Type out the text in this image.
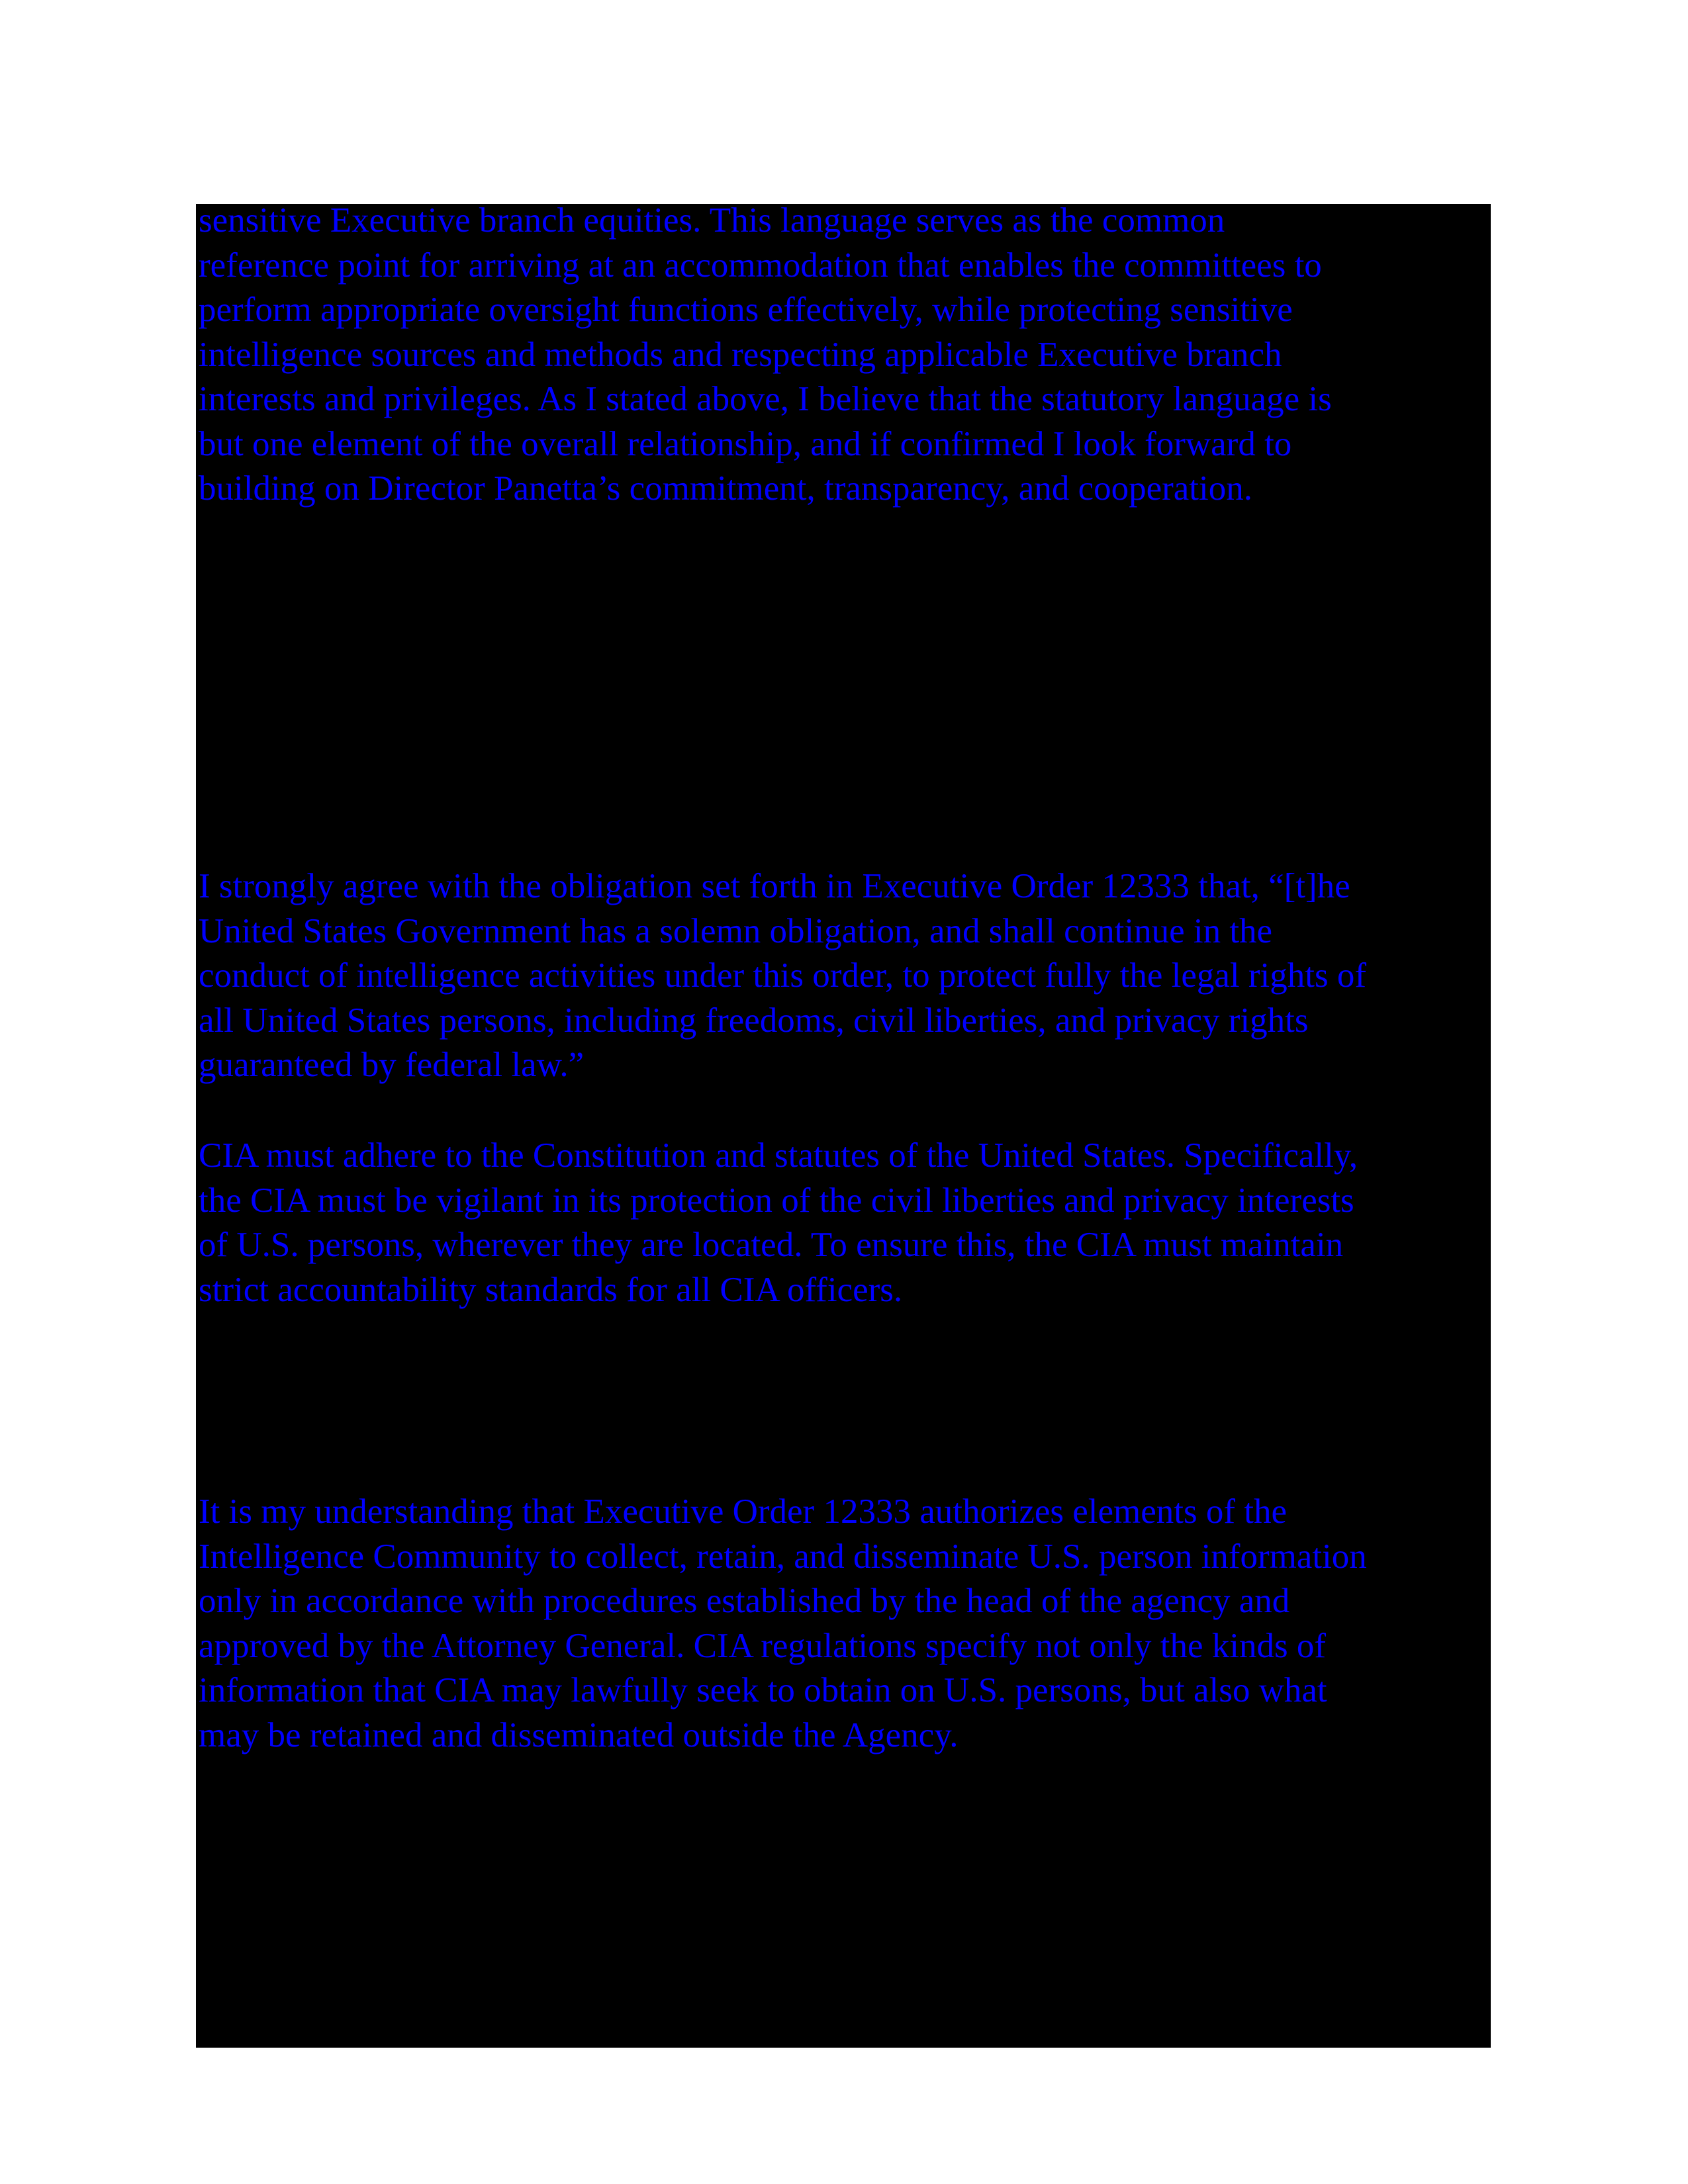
sensitive Executive branch equities. This language serves as the common
reference point for arriving at an accommodation that enables the committees to
perform appropriate oversight functions effectively, while protecting sensitive
intelligence sources and methods and respecting applicable Executive branch
interests and privileges. As I stated above, I believe that the statutory language is
but one element of the overall relationship, and if confirmed I look forward to
building on Director Panetta’s commitment, transparency, and cooperation.

I strongly agree with the obligation set forth in Executive Order 12333 that, “[t]he
United States Government has a solemn obligation, and shall continue in the
conduct of intelligence activities under this order, to protect fully the legal rights of
all United States persons, including freedoms, civil liberties, and privacy rights
guaranteed by federal law.”

CIA must adhere to the Constitution and statutes of the United States. Specifically,
the CIA must be vigilant in its protection of the civil liberties and privacy interests
of U.S. persons, wherever they are located. To ensure this, the CIA must maintain
strict accountability standards for all CIA officers.

It is my understanding that Executive Order 12333 authorizes elements of the
Intelligence Community to collect, retain, and disseminate U.S. person information
only in accordance with procedures established by the head of the agency and
approved by the Attorney General. CIA regulations specify not only the kinds of
information that CIA may lawfully seek to obtain on U.S. persons, but also what
may be retained and disseminated outside the Agency.
